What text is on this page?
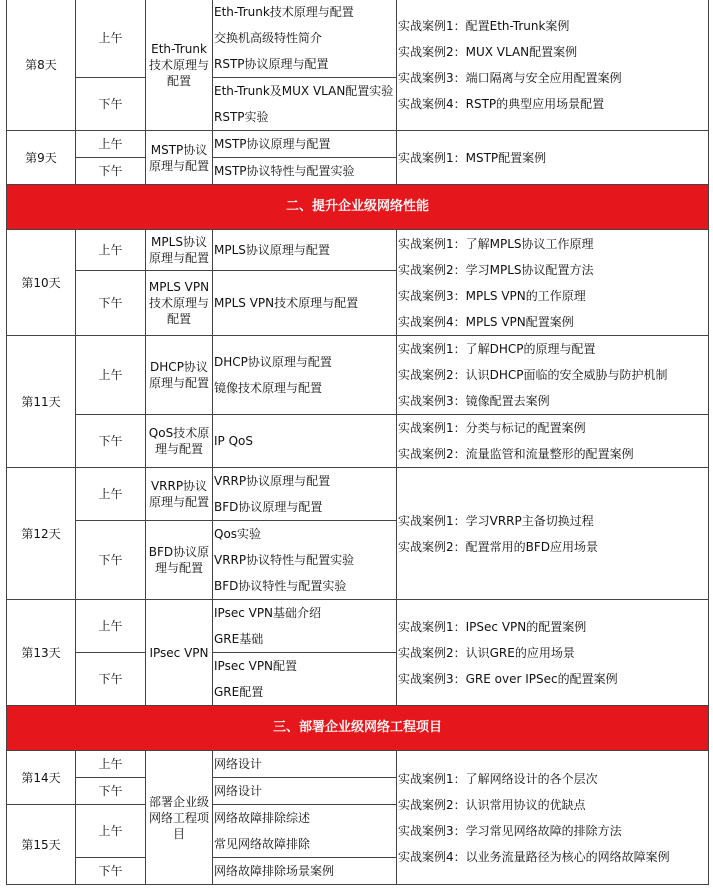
第8天	上午	Eth-Trunk技术原理与配置	Eth-Trunk技术原理与配置
交换机高级特性简介
RSTP协议原理与配置	实战案例1：配置Eth-Trunk案例
实战案例2：MUX VLAN配置案例
实战案例3：端口隔离与安全应用配置案例
实战案例4：RSTP的典型应用场景配置

	下午		Eth-Trunk及MUX VLAN配置实验
RSTP实验	

第9天	上午	MSTP协议原理与配置	MSTP协议原理与配置	实战案例1：MSTP配置案例
	下午		MSTP协议特性与配置实验	
二、提升企业级网络性能				
第10天	上午	MPLS协议原理与配置	MPLS协议原理与配置	实战案例1：了解MPLS协议工作原理
实战案例2：学习MPLS协议配置方法
实战案例3：MPLS VPN的工作原理
实战案例4：MPLS VPN配置案例

	下午	MPLS VPN技术原理与配置	MPLS VPN技术原理与配置	
第11天	上午	DHCP协议原理与配置	DHCP协议原理与配置
镜像技术原理与配置	实战案例1：了解DHCP的原理与配置
实战案例2：认识DHCP面临的安全威胁与防护机制
实战案例3：镜像配置去案例

	下午	QoS技术原理与配置	IP QoS	实战案例1：分类与标记的配置案例
实战案例2：流量监管和流量整形的配置案例

第12天	上午	VRRP协议原理与配置	VRRP协议原理与配置
BFD协议原理与配置	实战案例1：学习VRRP主备切换过程
实战案例2：配置常用的BFD应用场景

	下午	BFD协议原理与配置	Qos实验
VRRP协议特性与配置实验
BFD协议特性与配置实验	

第13天	上午	IPsec VPN	IPsec VPN基础介绍
GRE基础	实战案例1：IPSec VPN的配置案例
实战案例2：认识GRE的应用场景
实战案例3：GRE over IPSec的配置案例

	下午		IPsec VPN配置
GRE配置	

三、部署企业级网络工程项目				
第14天	上午	部署企业级网络工程项目	网络设计	实战案例1：了解网络设计的各个层次
实战案例2：认识常用协议的优缺点
实战案例3：学习常见网络故障的排除方法
实战案例4：以业务流量路径为核心的网络故障案例

	下午		网络设计	
第15天	上午		网络故障排除综述
常见网络故障排除	

	下午		网络故障排除场景案例	
